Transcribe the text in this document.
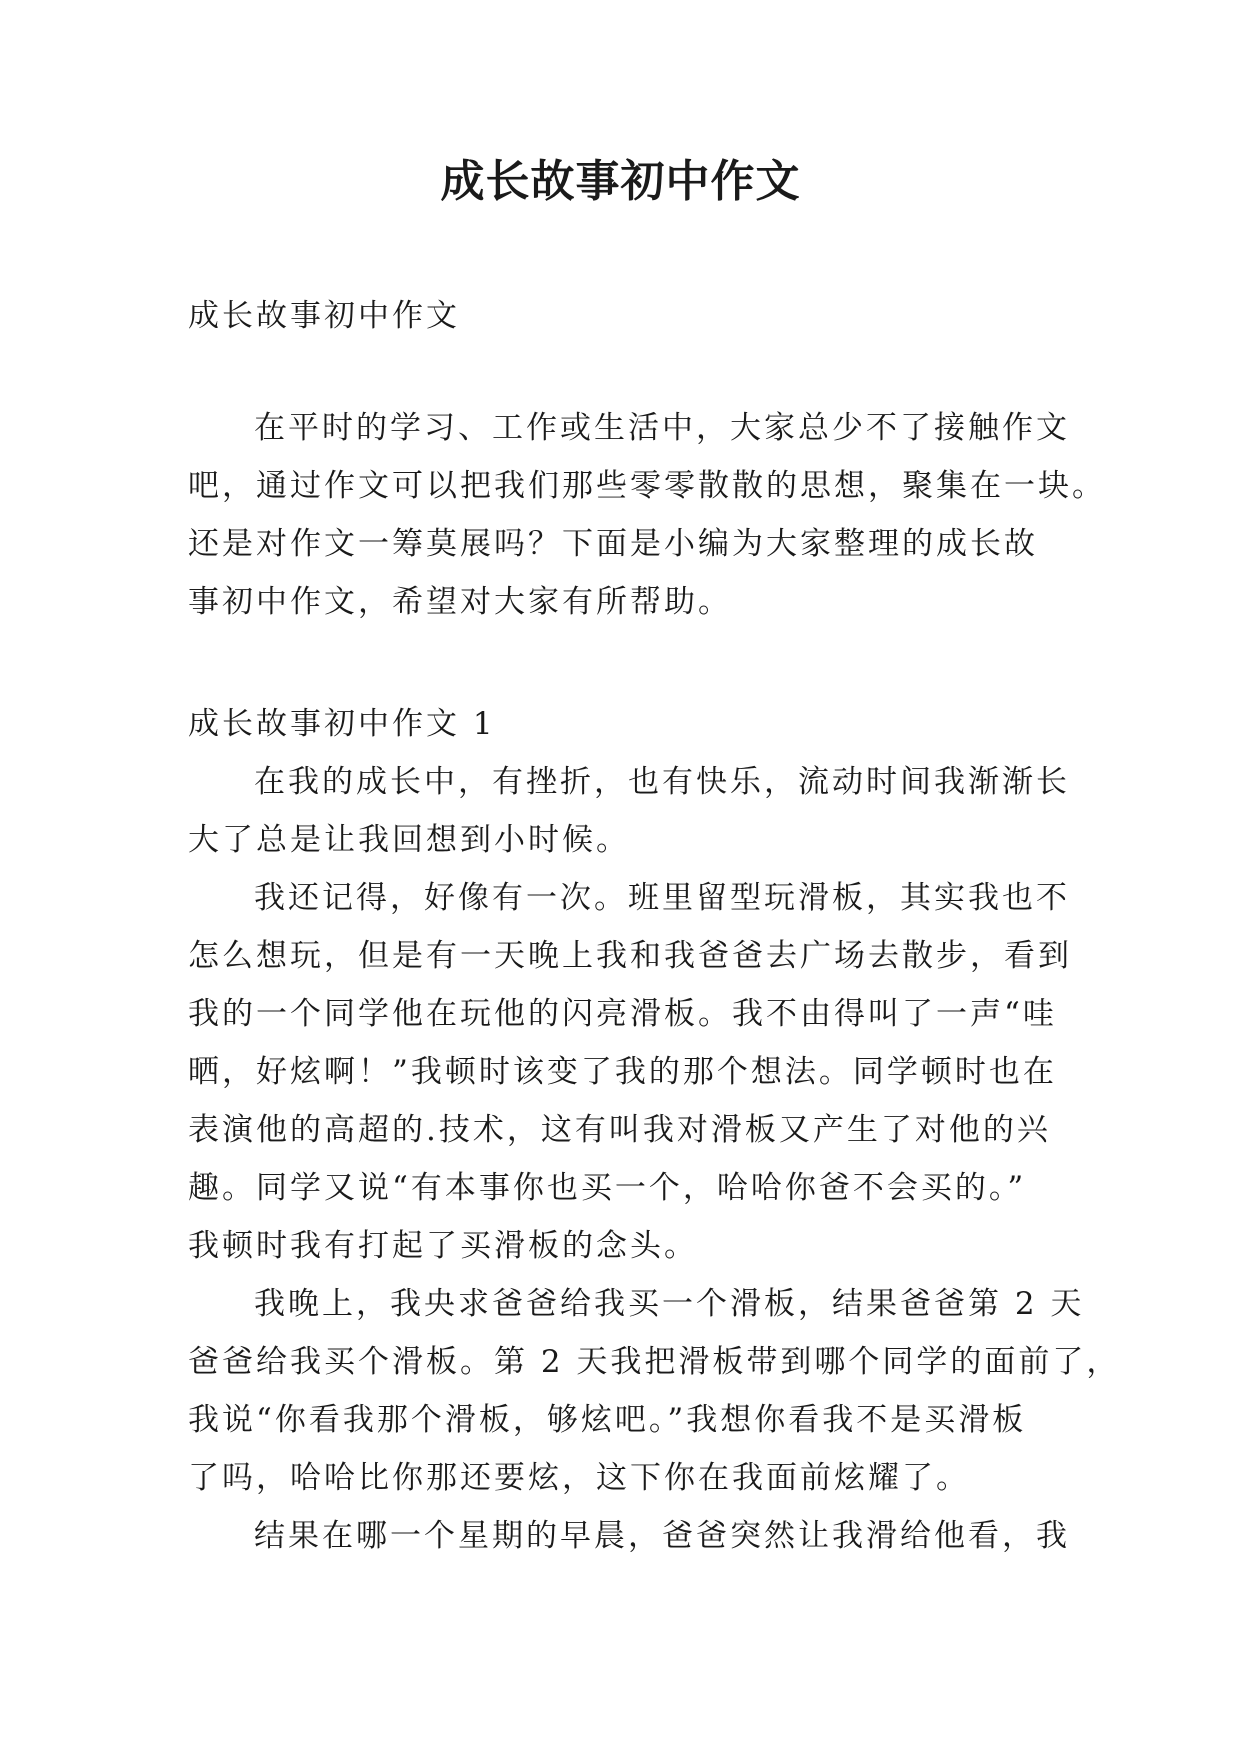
成长故事初中作文
成长故事初中作文
在平时的学习、工作或生活中，大家总少不了接触作文
吧，通过作文可以把我们那些零零散散的思想，聚集在一块。
还是对作文一筹莫展吗？下面是小编为大家整理的成长故
事初中作文，希望对大家有所帮助。
成长故事初中作文 1
在我的成长中，有挫折，也有快乐，流动时间我渐渐长
大了总是让我回想到小时候。
我还记得，好像有一次。班里留型玩滑板，其实我也不
怎么想玩，但是有一天晚上我和我爸爸去广场去散步，看到
我的一个同学他在玩他的闪亮滑板。我不由得叫了一声“哇
晒，好炫啊！”我顿时该变了我的那个想法。同学顿时也在
表演他的高超的.技术，这有叫我对滑板又产生了对他的兴
趣。同学又说“有本事你也买一个，哈哈你爸不会买的。”
我顿时我有打起了买滑板的念头。
我晚上，我央求爸爸给我买一个滑板，结果爸爸第 2 天
爸爸给我买个滑板。第 2 天我把滑板带到哪个同学的面前了，
我说“你看我那个滑板，够炫吧。”我想你看我不是买滑板
了吗，哈哈比你那还要炫，这下你在我面前炫耀了。
结果在哪一个星期的早晨，爸爸突然让我滑给他看，我
